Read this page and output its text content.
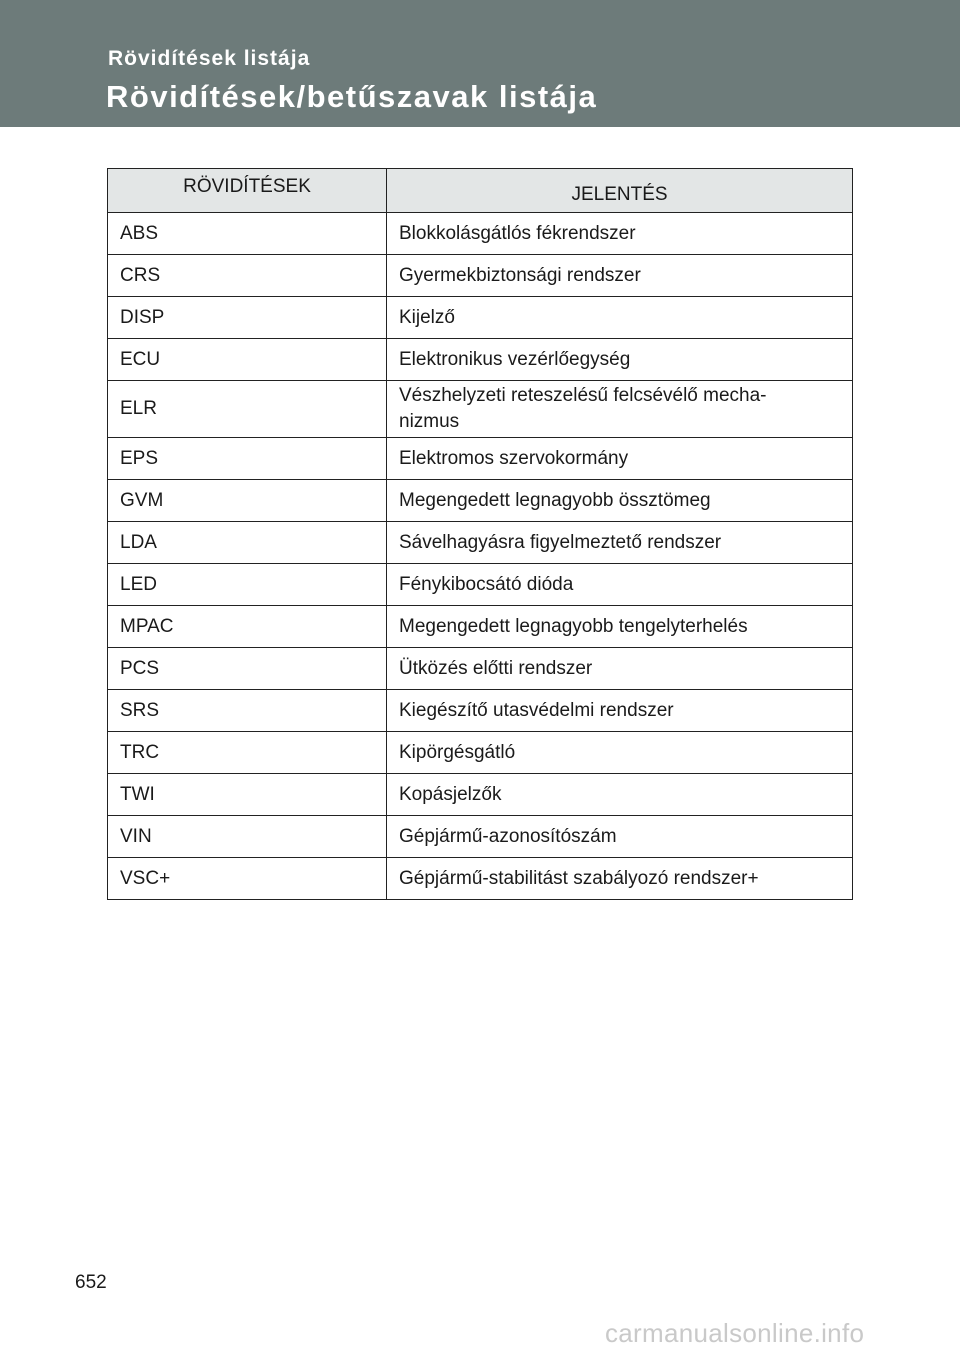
Rövidítések listája
Rövidítések/betűszavak listája
RÖVIDÍTÉSEK	JELENTÉS
ABS	Blokkolásgátlós fékrendszer
CRS	Gyermekbiztonsági rendszer
DISP	Kijelző
ECU	Elektronikus vezérlőegység
ELR	Vészhelyzeti reteszelésű felcsévélő mecha-
nizmus
EPS	Elektromos szervokormány
GVM	Megengedett legnagyobb össztömeg
LDA	Sávelhagyásra figyelmeztető rendszer
LED	Fénykibocsátó dióda
MPAC	Megengedett legnagyobb tengelyterhelés
PCS	Ütközés előtti rendszer
SRS	Kiegészítő utasvédelmi rendszer
TRC	Kipörgésgátló
TWI	Kopásjelzők
VIN	Gépjármű-azonosítószám
VSC+	Gépjármű-stabilitást szabályozó rendszer+
652
carmanualsonline.info
